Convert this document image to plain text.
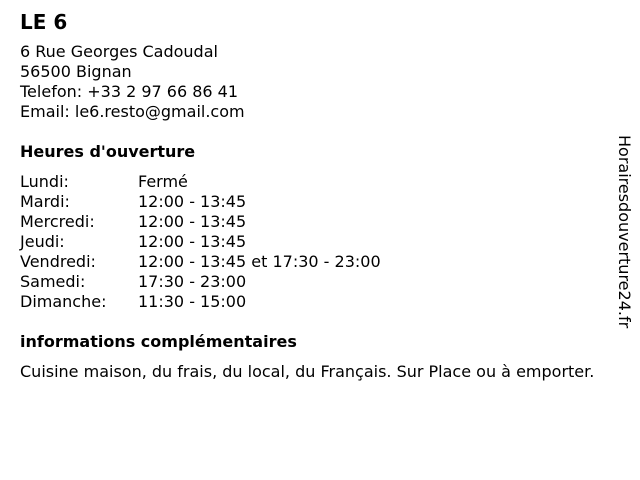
LE 6
6 Rue Georges Cadoudal
56500 Bignan
Telefon: +33 2 97 66 86 41
Email: le6.resto@gmail.com
Heures d'ouverture
Lundi:	Fermé
Mardi:	12:00 - 13:45
Mercredi:	12:00 - 13:45
Jeudi:	12:00 - 13:45
Vendredi:	12:00 - 13:45 et 17:30 - 23:00
Samedi:	17:30 - 23:00
Dimanche:	11:30 - 15:00
informations complémentaires
Cuisine maison, du frais, du local, du Français. Sur Place ou à emporter.
Horairesdouverture24.fr
